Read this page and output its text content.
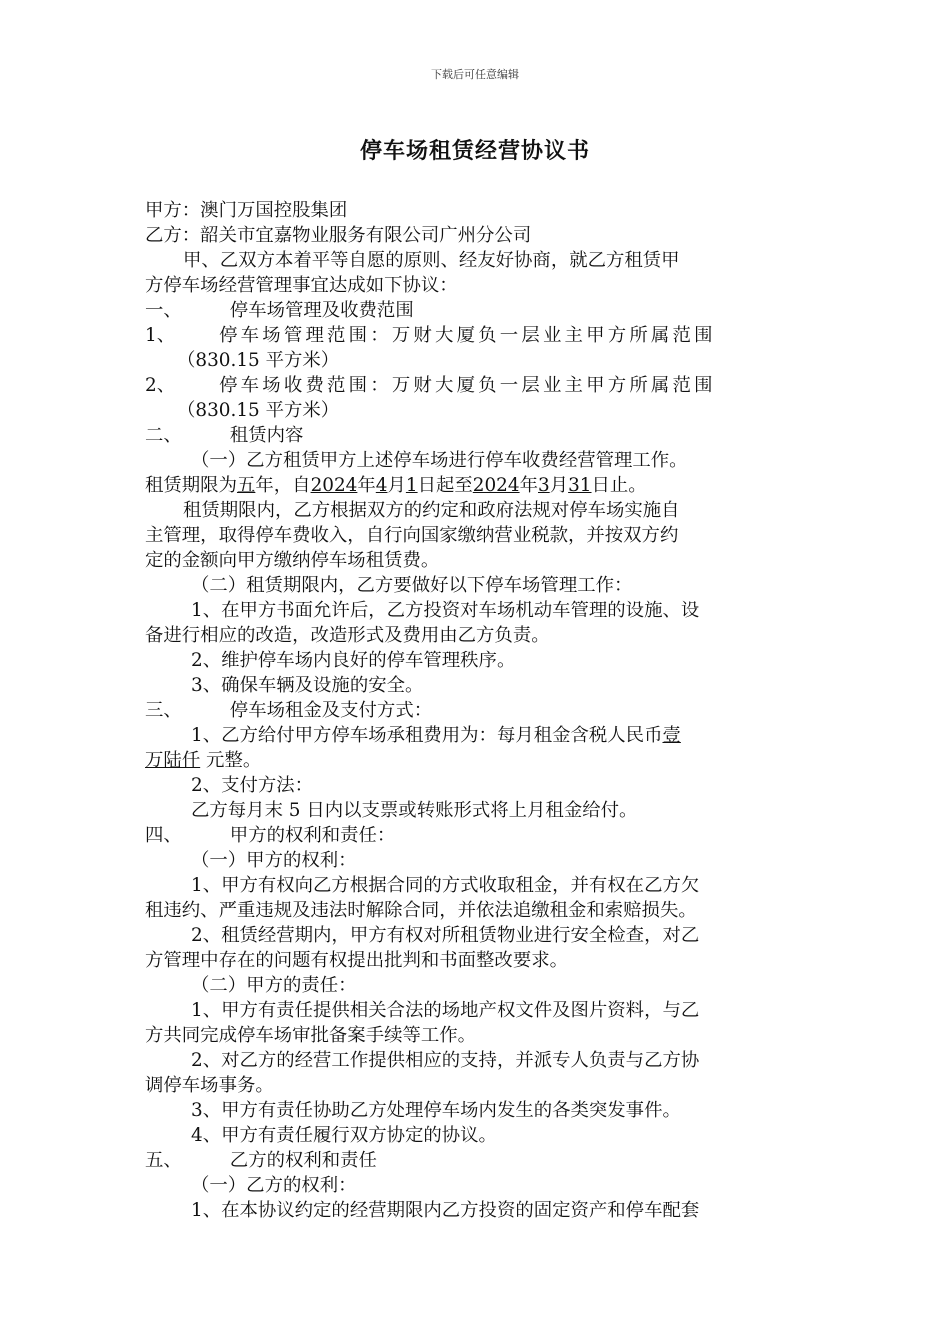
下载后可任意编辑
停车场租赁经营协议书
甲方：澳门万国控股集团
乙方：韶关市宜嘉物业服务有限公司广州分公司
甲、乙双方本着平等自愿的原则、经友好协商，就乙方租赁甲
方停车场经营管理事宜达成如下协议：
一、	停车场管理及收费范围
1、 停车场管理范围：万财大厦负一层业主甲方所属范围
（830.15 平方米）
2、 停车场收费范围：万财大厦负一层业主甲方所属范围
（830.15 平方米）
二、	租赁内容
（一）乙方租赁甲方上述停车场进行停车收费经营管理工作。
租赁期限为五年，自2024年4月1日起至2024年3月31日止。
租赁期限内，乙方根据双方的约定和政府法规对停车场实施自
主管理，取得停车费收入，自行向国家缴纳营业税款，并按双方约
定的金额向甲方缴纳停车场租赁费。
（二）租赁期限内，乙方要做好以下停车场管理工作：
1、在甲方书面允许后，乙方投资对车场机动车管理的设施、设
备进行相应的改造，改造形式及费用由乙方负责。
2、维护停车场内良好的停车管理秩序。
3、确保车辆及设施的安全。
三、	停车场租金及支付方式：
1、乙方给付甲方停车场承租费用为：每月租金含税人民币壹
万陆仟 元整。
2、支付方法：
乙方每月末 5 日内以支票或转账形式将上月租金给付。
四、	甲方的权利和责任：
（一）甲方的权利：
1、甲方有权向乙方根据合同的方式收取租金，并有权在乙方欠
租违约、严重违规及违法时解除合同，并依法追缴租金和索赔损失。
2、租赁经营期内，甲方有权对所租赁物业进行安全检查，对乙
方管理中存在的问题有权提出批判和书面整改要求。
（二）甲方的责任：
1、甲方有责任提供相关合法的场地产权文件及图片资料，与乙
方共同完成停车场审批备案手续等工作。
2、对乙方的经营工作提供相应的支持，并派专人负责与乙方协
调停车场事务。
3、甲方有责任协助乙方处理停车场内发生的各类突发事件。
4、甲方有责任履行双方协定的协议。
五、	乙方的权利和责任
（一）乙方的权利：
1、在本协议约定的经营期限内乙方投资的固定资产和停车配套
